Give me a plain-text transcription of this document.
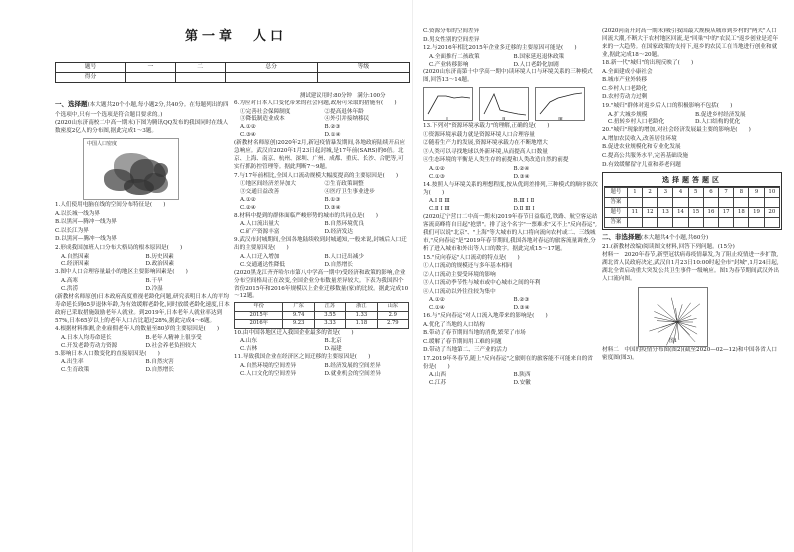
第一章　人口
题号	一	二	总分	等级
得分				
测试建议用时:80分钟　满分:100分

一、选择题(本大题共20个小题,每小题2分,共40分。在每题列出的四个选项中,只有一个选项是符合题目要求的。)

(2020山东济南校二中高一期末)下图为腾讯QQ发布的我国同时在线人数密度2亿人的分布图,据此完成1～3题。

中国人口密度

1.人们使用电脑在线的空间分布特征是(　　)

A.以长城一线为界

B.以黑河—腾冲一线为界

C.以长江为界

D.以黑河—腾冲一线为界

2.形成我国加班人口分布大格局的根本原因是(　　)

A.自然因素	B.历史因素
C.经济因素	D.政治因素

3.图中人口合理容量最小的地区主要影响因素是(　　)

A.高寒	B.干旱
C.洪涝	D.冷湿

(新教材名师原创)日本政府高度重视老龄化问题,研究表明日本人的平均寿命延长到65岁退休年龄,为有效缓解老龄化,同时放缓老龄化速度,日本政府已采取措施鼓励老年人就业。到2019年,日本老年人就业率达到57%,日本65岁以上的老年人口占比超过28%,据此完成4～6题。

4.根据材料推测,企业雇佣老年人的数量至80岁的主要原因是(　　)

A.日本人均寿命延长	B.老年人精神上很享受
C.开发老龄劳动力资源	D.社会养老负担较大

5.影响日本人口数变化的直接原因是(　　)

A.出生率	B.自然灾害
C.生育政策	D.自然增长

6.为应对日本人口变化带来的社会问题,政府可采取的措施有(　　)

①完善社会保障制度	②提高退休年龄
③降低制造业成本	④外引并接纳移民
A.①②	B.②③
C.③④	D.①④

(新教材名师原创)2020年2月,新冠疫情暴发期间,各地政府陆续开启应急响应。武汉自2020年1月23日起封城,是17年前(SARS)的6倍。北京、上海、南京、杭州、深圳、广州、成都、重庆、长沙、合肥等,可实行抓防控管理等。据此判断7～9题。

7.与17年前相比,全国人口流动规模大幅度提高的主要原因是(　　)

①地区间经济差异加大	②生育政策调整
③交通日益改善	④医疗卫生事业进步
A.①②	B.①③
C.②④	D.③④

8.材料中提到的群体面临严峻形势的城市的共同点是(　　)

A.人口流出量大	B.自然环境优良
C.矿产资源丰富	D.经济发达

9.武汉市封城期间,全国各地陆续收到封城通知,一般来说,封城后人口迁出的主要原因是(　　)

A.人口迁入增加	B.人口迁出减少
C.交通通达性降低	D.自然增长

(2020黑龙江齐齐哈尔市第八中学高一期中)受经济和政策的影响,企业分布空间格局正在改变,全国企业分布数量差异较大。下表为我国四个省份2015年和2016年规模以上企业迁移数量(家)的比较。据此完成10～12题。

年份	广东	江苏	浙江	山东
2015年	9.74	3.55	1.33	2.9
2016年	9.23	3.33	1.18	2.79

10.由中国各地区迁入我国企业最多的省是(　　)

A.山东	B.北京
C.吉林	D.福建

11.导致我国企业在经济区之间迁移的主要原因是(　　)

A.自然环境的空间差异	B.经济发展的空间差异
C.人口文化的空间差异	D.就业机会的空间差异

C.资源分布的空间差异

D.男女性别的空间差异

12.与2016年相比2015年企业多迁移的主要原因可能是(　　)

A.全面推行二孩政策	B.国家延迟退休政策
C.产业转移影响	D.人口老龄化加剧

(2020山东济南第十中学高一期中)读环境人口与环境关系的三种模式图,回答13～14题。

Ⅰ	Ⅱ	Ⅲ

13.下列对"资源环境承载力"的理解,正确的是(　　)

①资源环境承载力就是资源环境人口合理容量

②随着生产力的发展,资源环境承载力在不断地增大

③人类可以寻找地球以外新环境,从而提高人口数量

④生态环境的平衡是人类生存的前提和人类改造自然的前提

A.①②	B.②④
C.①③	D.③④

14.按照人与环境关系的理想程度,按从优到差排列,三种模式的顺序依次为(　　)

A.Ⅰ Ⅱ Ⅲ	B.Ⅲ Ⅰ Ⅱ
C.Ⅱ Ⅰ Ⅲ	D.Ⅱ Ⅲ Ⅰ

(2020辽宁营口二中高一期末)2019年春节日益临近,铁路、航空客运站客流高峰将自日起"抢票"。排了这个名字"一票难求"又不上"反向春运",我们可以说"北京"、"上海"等大城市的人口将向流向农村或二、三线城市,"反向春运"是"2019年春节期间,我国各地对春运的旅客流量调查,分析了进入城市和外出等人口的数字。据此完成15～17题。

15."反向春运"人口流动的特点是(　　)

①人口流动的规模还与多年基本相同

②人口流动主要受环境的影响

③人口流动季节性与城市或中心城市之间的年利

④人口流动以外往往较为集中

A.①②	B.②③
C.①④	D.③④

16.与"反向春运"对人口流入地带来的影响是(　　)

A.优化了当地的人口结构

B.带动了春节期间当地的消费,繁荣了市场

C.缓解了春节期间用工难的问题

D.带动了当地第二、三产业的活力

17.2019年冬春节,随上"反向春运"之旅则在的旅客能不可能来自的省份是(　　)

A.山西	B.陕西
C.江苏	D.安徽

(2020河南开封高一期末)吸引我国最大规模从城市到乡村的"两夫"人口回流大潮,不断大于农村地区回流,是"回巢"中的"农民工"返乡创业是近年来的一大趋势。在国家政策的支持下,返乡的农民工在当地进行创业和就业,据此完成18～20题。

18.新一代"城归"的出现反映了(　　)

A.全面建成小康社会

B.城市产业外转移

C.乡村人口老龄化

D.农村劳动力过剩

19."城归"群体对返乡后人口的积极影响不包括(　　)

A.扩大城乡规模	B.促进乡村经济发展
C.扭转乡村人口老龄化	D.人口结构的优化

20."城归"现象的增加,对社会经济发展最主要的影响是(　　)

A.增加农民收入,改善居住环境

B.促进农业规模化和专业化发展

C.提高公共服务水平,完善基础设施

D.有效缓解留守儿童和养老问题

选择题答题区
题号	1	2	3	4	5	6	7	8	9	10
答案										
题号	11	12	13	14	15	16	17	18	19	20
答案										

二、非选择题(本大题共4个小题,共60分)

21.(新教材改编)阅读图文材料,回答下列问题。(15分)

材料一　2020年春节,新型冠状病毒疫情暴发,为了阻止疫情进一步扩散,湖北省人民政府决定,武汉自1月23日10:00时起全市"封城",1月24日起,湖北全省启动重大突发公共卫生事件一级响应。图1为春节期间武汉外出人口流向图。

图1

材料二　中国的疫情分布图(图2)(截至2020—02—12)和中国各省人口密度图(图3)。
